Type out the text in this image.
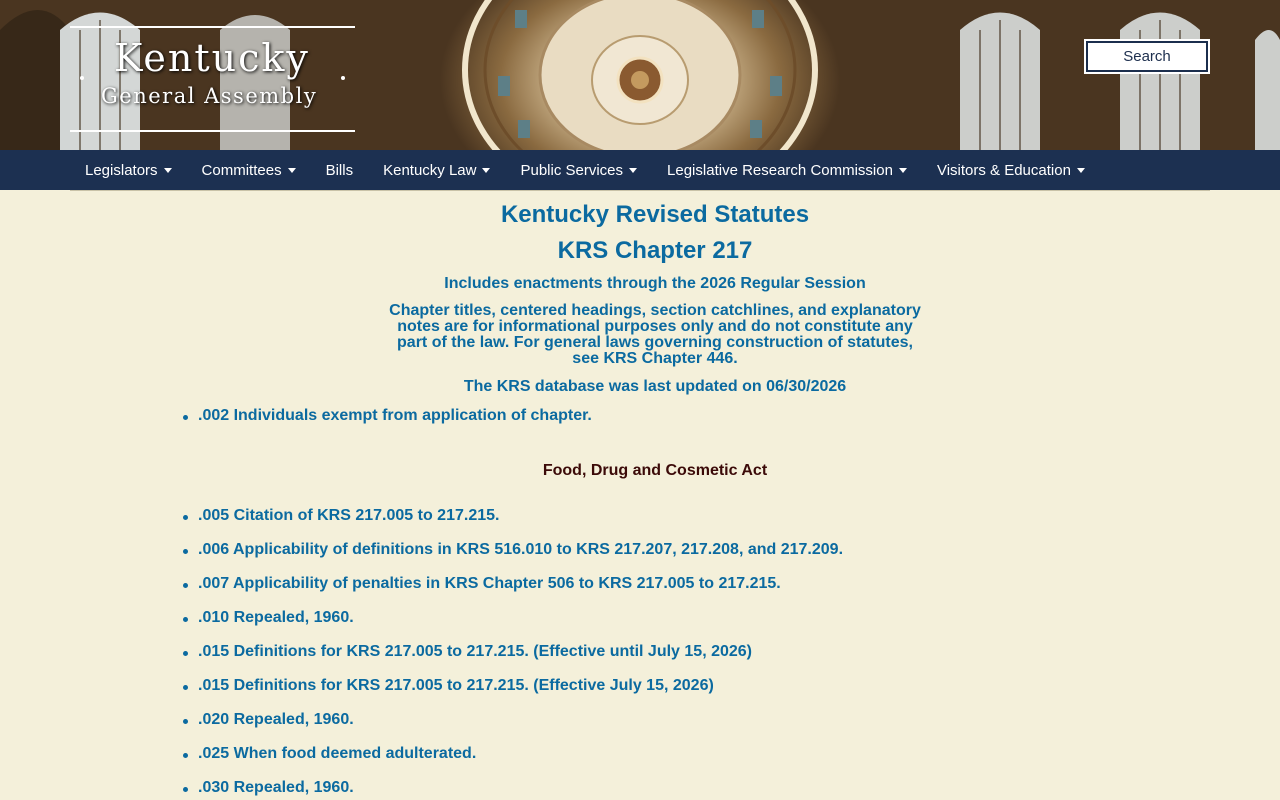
Kentucky
General Assembly
Search
Legislators	Committees	Bills Kentucky Law	Public Services	Legislative Research Commission	Visitors & Education
Kentucky Revised Statutes
KRS Chapter 217
Includes enactments through the 2026 Regular Session
Chapter titles, centered headings, section catchlines, and explanatory notes are for informational purposes only and do not constitute any part of the law. For general laws governing construction of statutes, see KRS Chapter 446.
The KRS database was last updated on 06/30/2026
.002 Individuals exempt from application of chapter.
Food, Drug and Cosmetic Act
.005 Citation of KRS 217.005 to 217.215.
.006 Applicability of definitions in KRS 516.010 to KRS 217.207, 217.208, and 217.209.
.007 Applicability of penalties in KRS Chapter 506 to KRS 217.005 to 217.215.
.010 Repealed, 1960.
.015 Definitions for KRS 217.005 to 217.215. (Effective until July 15, 2026)
.015 Definitions for KRS 217.005 to 217.215. (Effective July 15, 2026)
.020 Repealed, 1960.
.025 When food deemed adulterated.
.030 Repealed, 1960.
